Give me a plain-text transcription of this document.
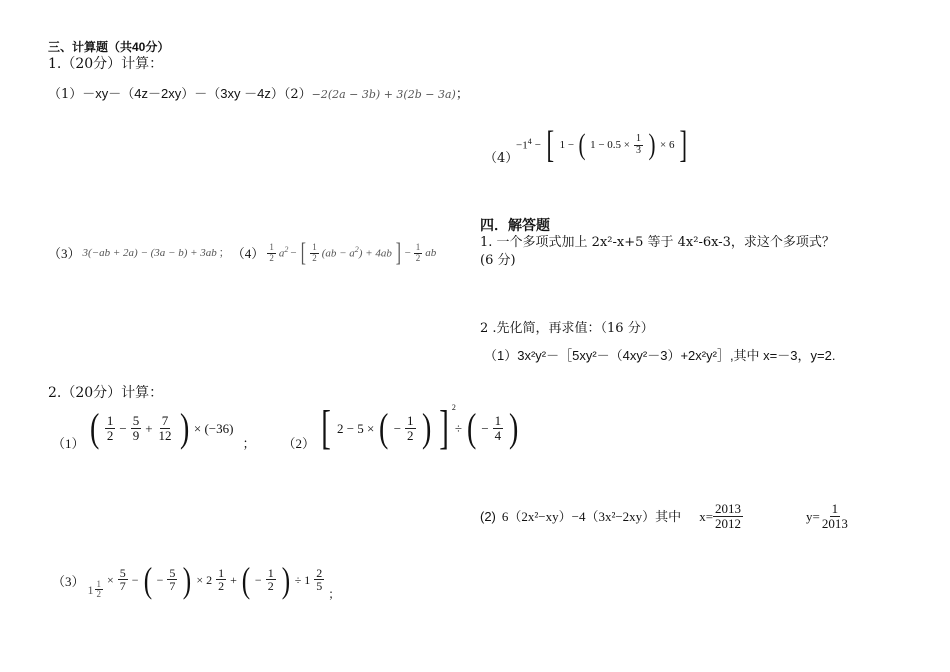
三、计算题（共40分）
1.（20分）计算：
（1）－xy－（4z－2xy）－（3xy －4z）（2）−2(2a − 3b) + 3(2b − 3a)；
（4）
$-1^4$ − [ 1 − ( $1 - 0.5 \times \frac{1}{3}$ ) × 6 ]
（3） 3(−ab + 2a) − (3a − b) + 3ab ； $(4) \frac{1}{2} a^2$ − [ $\frac{1}{2} (ab - a^2) + 4ab$ ] − $\frac{1}{2}$ ab
2.（20分）计算：
（1） ( $\frac{1}{2} - \frac{5}{9} + \frac{7}{12}$ ) × (−36)
； （2） [ 2 − 5 × ( − $\frac{1}{2}$ ) ] 2
÷ ( − $\frac{1}{4}$ )
（3）
$1 \frac{1}{2}$
× $\frac{5}{7}$ − ( − $\frac{5}{7}$ ) × $2 \frac{1}{2}$ + ( − $\frac{1}{2}$ ) ÷ $1 \frac{2}{5}$
；
四．解答题
1. 一个多项式加上 2x²-x+5 等于 4x²-6x-3，求这个多项式？
(6 分)
2 .先化简，再求值：（16 分）
（1）3x²y²－［5xy²－（4xy²－3）+2x²y²］,其中 x=－3，y=2.
(2) 6（2x²−xy）−4（3x²−2xy）其中 $x= \frac{2013}{2012}$	$y= \frac{1}{2013}$
